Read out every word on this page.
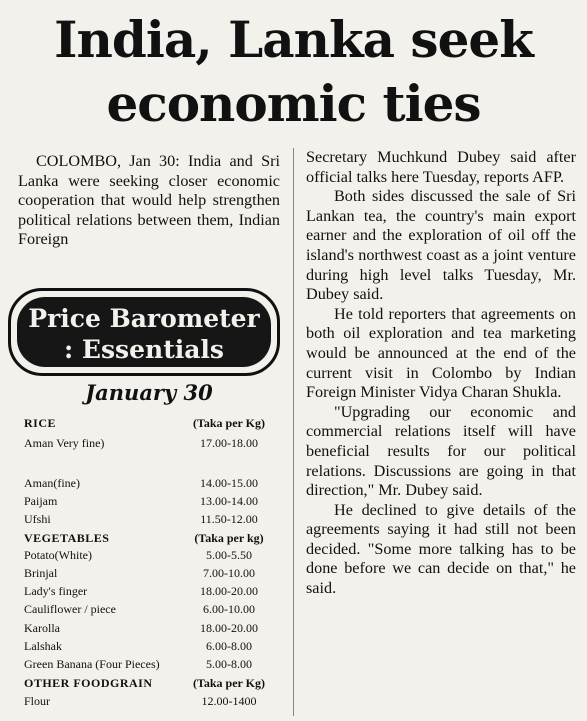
India, Lanka seek
economic ties

COLOMBO, Jan 30: India and Sri Lanka were seeking closer economic cooperation that would help strengthen political relations between them, Indian Foreign

Price Barometer
: Essentials
January 30
RICE	(Taka per Kg)
Aman Very fine)	17.00-18.00
Aman(fine)	14.00-15.00
Paijam	13.00-14.00
Ufshi	11.50-12.00
VEGETABLES	(Taka per kg)
Potato(White)	5.00-5.50
Brinjal	7.00-10.00
Lady's finger	18.00-20.00
Cauliflower / piece	6.00-10.00
Karolla	18.00-20.00
Lalshak	6.00-8.00
Green Banana (Four Pieces)	5.00-8.00
OTHER FOODGRAIN	(Taka per Kg)
Flour	12.00-1400

Secretary Muchkund Dubey said after official talks here Tuesday, reports AFP.

Both sides discussed the sale of Sri Lankan tea, the country's main export earner and the exploration of oil off the island's northwest coast as a joint venture during high level talks Tuesday, Mr. Dubey said.

He told reporters that agreements on both oil exploration and tea marketing would be announced at the end of the current visit in Colombo by Indian Foreign Minister Vidya Charan Shukla.

"Upgrading our economic and commercial relations itself will have beneficial results for our political relations. Discussions are going in that direction," Mr. Dubey said.

He declined to give details of the agreements saying it had still not been decided. "Some more talking has to be done before we can decide on that," he said.
